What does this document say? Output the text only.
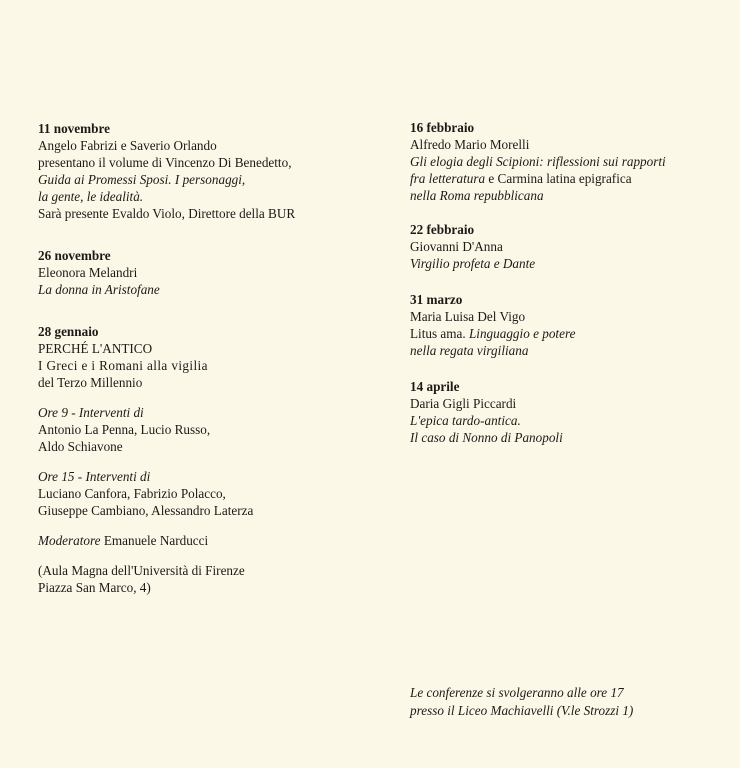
11 novembre
Angelo Fabrizi e Saverio Orlando
presentano il volume di Vincenzo Di Benedetto,
Guida ai Promessi Sposi. I personaggi,
la gente, le idealità.
Sarà presente Evaldo Violo, Direttore della BUR
26 novembre
Eleonora Melandri
La donna in Aristofane
28 gennaio
PERCHÉ L'ANTICO
I Greci e i Romani alla vigilia
del Terzo Millennio
Ore 9 - Interventi di
Antonio La Penna, Lucio Russo,
Aldo Schiavone
Ore 15 - Interventi di
Luciano Canfora, Fabrizio Polacco,
Giuseppe Cambiano, Alessandro Laterza
Moderatore Emanuele Narducci
(Aula Magna dell'Università di Firenze
Piazza San Marco, 4)
16 febbraio
Alfredo Mario Morelli
Gli elogia degli Scipioni: riflessioni sui rapporti
fra letteratura e Carmina latina epigrafica
nella Roma repubblicana
22 febbraio
Giovanni D'Anna
Virgilio profeta e Dante
31 marzo
Maria Luisa Del Vigo
Litus ama. Linguaggio e potere
nella regata virgiliana
14 aprile
Daria Gigli Piccardi
L'epica tardo-antica.
Il caso di Nonno di Panopoli
Le conferenze si svolgeranno alle ore 17
presso il Liceo Machiavelli (V.le Strozzi 1)
